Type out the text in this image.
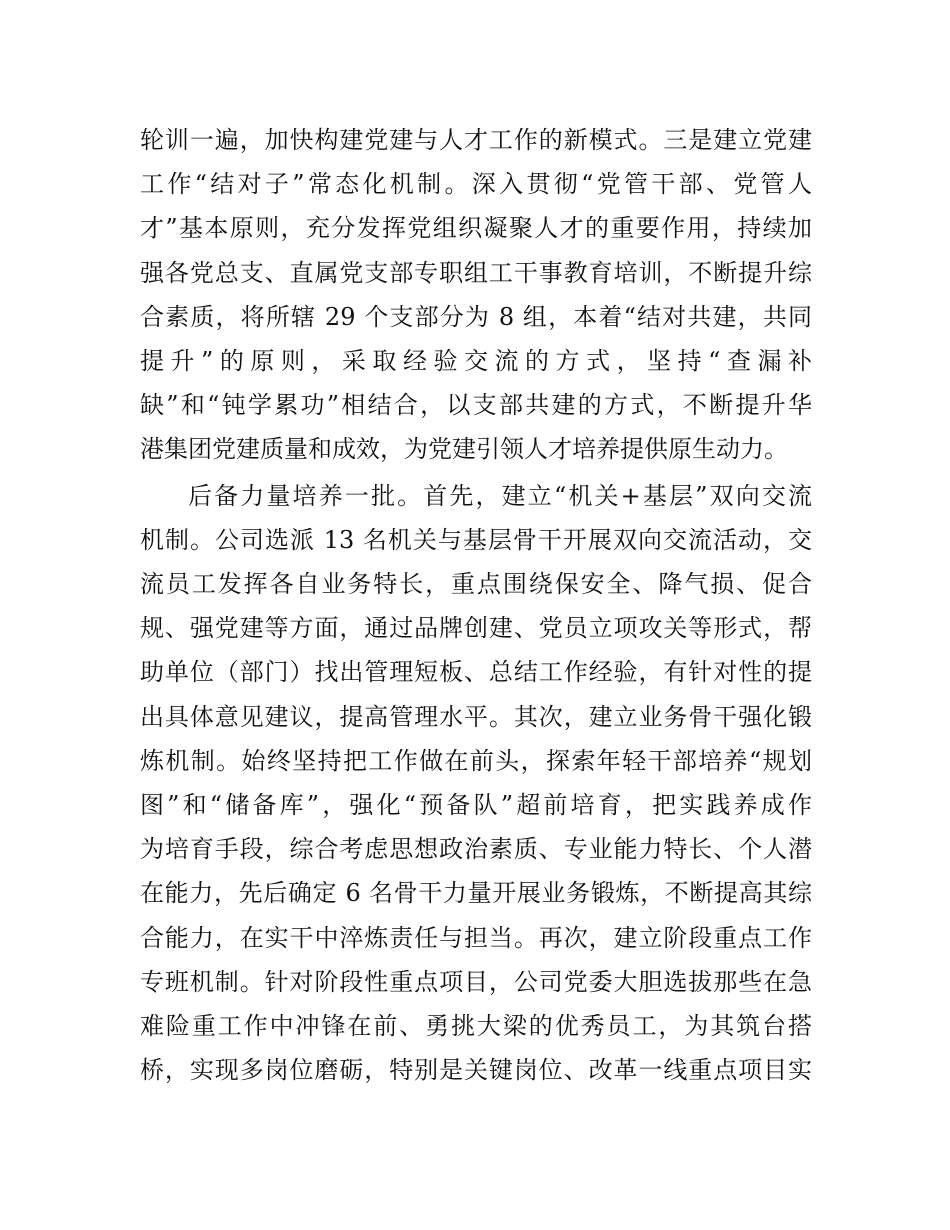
轮训一遍，加快构建党建与人才工作的新模式。三是建立党建

工作“结对子”常态化机制。深入贯彻“党管干部、党管人

才”基本原则，充分发挥党组织凝聚人才的重要作用，持续加

强各党总支、直属党支部专职组工干事教育培训，不断提升综

合素质，将所辖 29 个支部分为 8 组，本着“结对共建，共同

提升”的原则，采取经验交流的方式，坚持“查漏补

缺”和“钝学累功”相结合，以支部共建的方式，不断提升华

港集团党建质量和成效，为党建引领人才培养提供原生动力。

后备力量培养一批。首先，建立“机关+基层”双向交流

机制。公司选派 13 名机关与基层骨干开展双向交流活动，交

流员工发挥各自业务特长，重点围绕保安全、降气损、促合

规、强党建等方面，通过品牌创建、党员立项攻关等形式，帮

助单位（部门）找出管理短板、总结工作经验，有针对性的提

出具体意见建议，提高管理水平。其次，建立业务骨干强化锻

炼机制。始终坚持把工作做在前头，探索年轻干部培养“规划

图”和“储备库”，强化“预备队”超前培育，把实践养成作

为培育手段，综合考虑思想政治素质、专业能力特长、个人潜

在能力，先后确定 6 名骨干力量开展业务锻炼，不断提高其综

合能力，在实干中淬炼责任与担当。再次，建立阶段重点工作

专班机制。针对阶段性重点项目，公司党委大胆选拔那些在急

难险重工作中冲锋在前、勇挑大梁的优秀员工，为其筑台搭

桥，实现多岗位磨砺，特别是关键岗位、改革一线重点项目实
